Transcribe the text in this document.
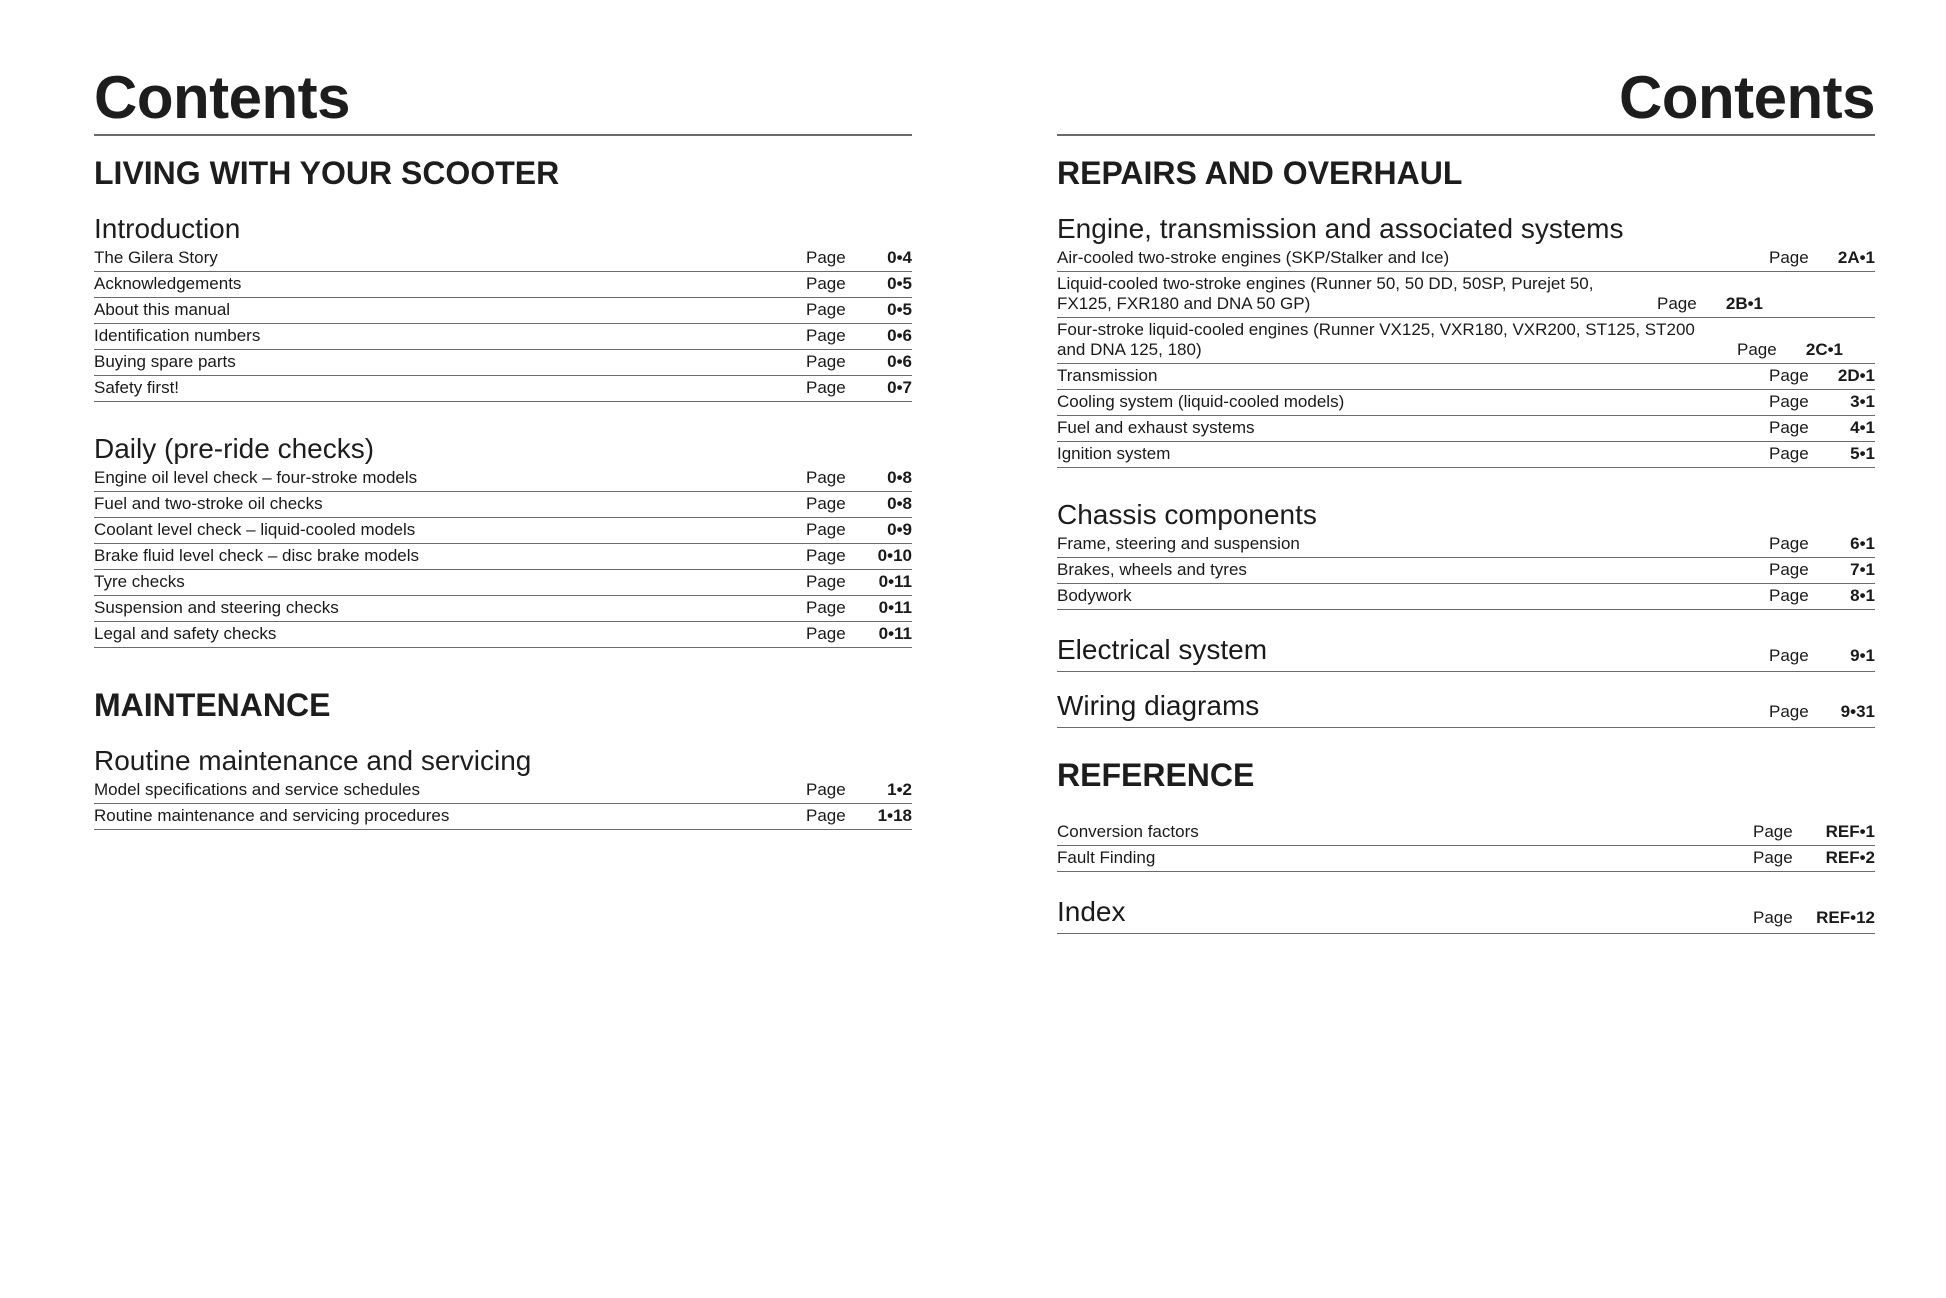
Contents
LIVING WITH YOUR SCOOTER
Introduction
The Gilera Story	Page	0•4
Acknowledgements	Page	0•5
About this manual	Page	0•5
Identification numbers	Page	0•6
Buying spare parts	Page	0•6
Safety first!	Page	0•7
Daily (pre-ride checks)
Engine oil level check – four-stroke models	Page	0•8
Fuel and two-stroke oil checks	Page	0•8
Coolant level check – liquid-cooled models	Page	0•9
Brake fluid level check – disc brake models	Page	0•10
Tyre checks	Page	0•11
Suspension and steering checks	Page	0•11
Legal and safety checks	Page	0•11
MAINTENANCE
Routine maintenance and servicing
Model specifications and service schedules	Page	1•2
Routine maintenance and servicing procedures	Page	1•18
Contents
REPAIRS AND OVERHAUL
Engine, transmission and associated systems
Air-cooled two-stroke engines (SKP/Stalker and Ice)	Page	2A•1
Liquid-cooled two-stroke engines (Runner 50, 50 DD, 50SP, Purejet 50, FX125, FXR180 and DNA 50 GP)	Page	2B•1
Four-stroke liquid-cooled engines (Runner VX125, VXR180, VXR200, ST125, ST200 and DNA 125, 180)	Page	2C•1
Transmission	Page	2D•1
Cooling system (liquid-cooled models)	Page	3•1
Fuel and exhaust systems	Page	4•1
Ignition system	Page	5•1
Chassis components
Frame, steering and suspension	Page	6•1
Brakes, wheels and tyres	Page	7•1
Bodywork	Page	8•1
Electrical system	Page	9•1
Wiring diagrams	Page	9•31
REFERENCE
Conversion factors	Page	REF•1
Fault Finding	Page	REF•2
Index	Page	REF•12
